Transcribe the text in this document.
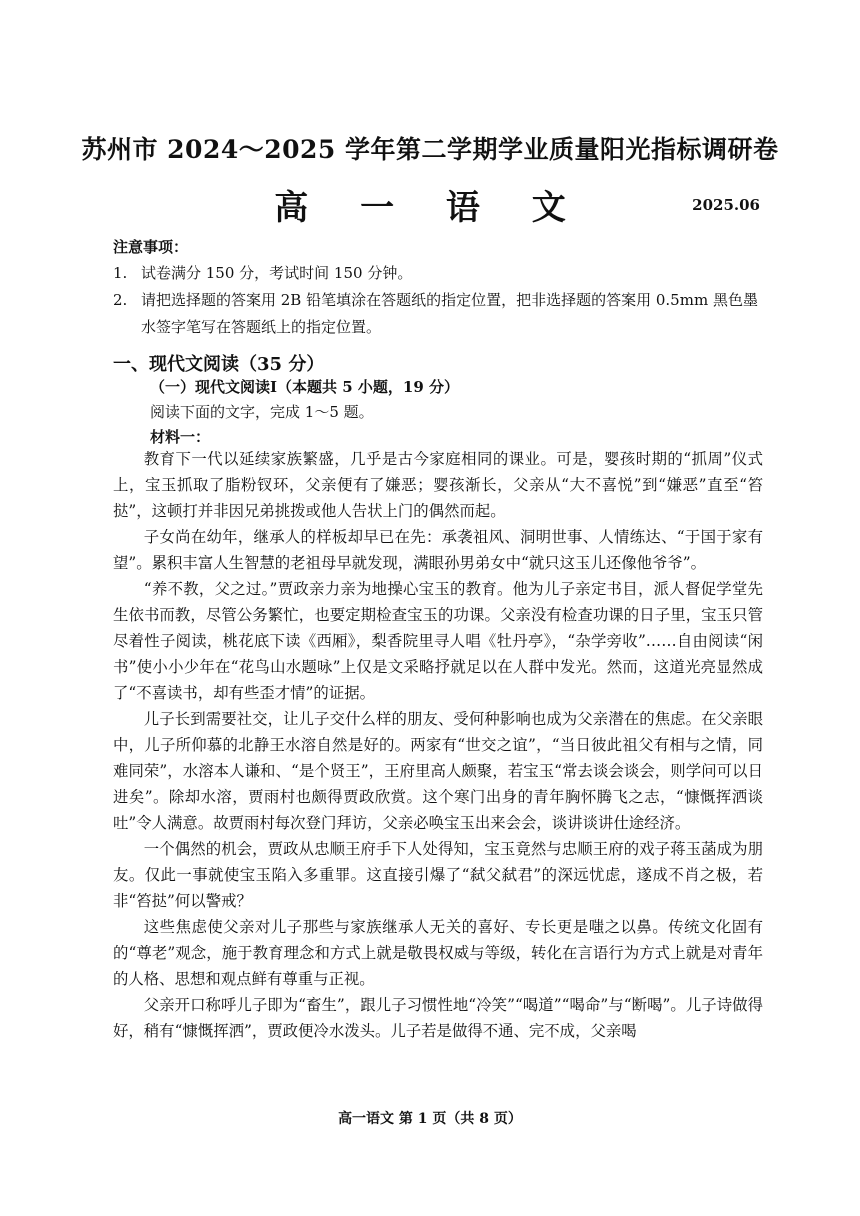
苏州市 2024～2025 学年第二学期学业质量阳光指标调研卷
高 一 语 文	2025.06
注意事项：
1. 试卷满分 150 分，考试时间 150 分钟。
2. 请把选择题的答案用 2B 铅笔填涂在答题纸的指定位置，把非选择题的答案用 0.5mm 黑色墨水签字笔写在答题纸上的指定位置。
一、现代文阅读（35 分）
（一）现代文阅读Ⅰ（本题共 5 小题，19 分）
阅读下面的文字，完成 1～5 题。
材料一：

教育下一代以延续家族繁盛，几乎是古今家庭相同的课业。可是，婴孩时期的“抓周”仪式上，宝玉抓取了脂粉钗环，父亲便有了嫌恶；婴孩渐长，父亲从“大不喜悦”到“嫌恶”直至“笞挞”，这顿打并非因兄弟挑拨或他人告状上门的偶然而起。

子女尚在幼年，继承人的样板却早已在先：承袭祖风、洞明世事、人情练达、“于国于家有望”。累积丰富人生智慧的老祖母早就发现，满眼孙男弟女中“就只这玉儿还像他爷爷”。

“养不教，父之过。”贾政亲力亲为地操心宝玉的教育。他为儿子亲定书目，派人督促学堂先生依书而教，尽管公务繁忙，也要定期检查宝玉的功课。父亲没有检查功课的日子里，宝玉只管尽着性子阅读，桃花底下读《西厢》，梨香院里寻人唱《牡丹亭》，“杂学旁收”……自由阅读“闲书”使小小少年在“花鸟山水题咏”上仅是文采略抒就足以在人群中发光。然而，这道光亮显然成了“不喜读书，却有些歪才情”的证据。

儿子长到需要社交，让儿子交什么样的朋友、受何种影响也成为父亲潜在的焦虑。在父亲眼中，儿子所仰慕的北静王水溶自然是好的。两家有“世交之谊”，“当日彼此祖父有相与之情，同难同荣”，水溶本人谦和、“是个贤王”，王府里高人颇聚，若宝玉“常去谈会谈会，则学问可以日进矣”。除却水溶，贾雨村也颇得贾政欣赏。这个寒门出身的青年胸怀腾飞之志，“慷慨挥洒谈吐”令人满意。故贾雨村每次登门拜访，父亲必唤宝玉出来会会，谈讲谈讲仕途经济。

一个偶然的机会，贾政从忠顺王府手下人处得知，宝玉竟然与忠顺王府的戏子蒋玉菡成为朋友。仅此一事就使宝玉陷入多重罪。这直接引爆了“弑父弑君”的深远忧虑，遂成不肖之极，若非“笞挞”何以警戒？

这些焦虑使父亲对儿子那些与家族继承人无关的喜好、专长更是嗤之以鼻。传统文化固有的“尊老”观念，施于教育理念和方式上就是敬畏权威与等级，转化在言语行为方式上就是对青年的人格、思想和观点鲜有尊重与正视。

父亲开口称呼儿子即为“畜生”，跟儿子习惯性地“冷笑”“喝道”“喝命”与“断喝”。儿子诗做得好，稍有“慷慨挥洒”，贾政便冷水泼头。儿子若是做得不通、完不成，父亲喝

高一语文 第 1 页（共 8 页）
